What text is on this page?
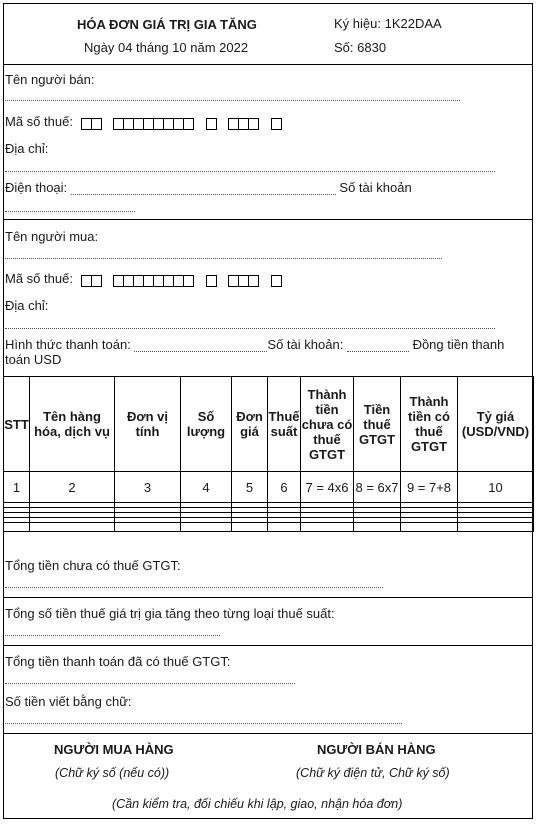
HÓA ĐƠN GIÁ TRỊ GIA TĂNG
Ngày 04 tháng 10 năm 2022
Ký hiệu: 1K22DAA
Số: 6830
Tên người bán:
Mã số thuế:

Địa chỉ:
Điện thoại:	Số tài khoản
Tên người mua:
Mã số thuế:

Địa chỉ:
Hình thức thanh toán:	Số tài khoản:	Đồng tiền thanh
toán USD
STT	Tên hàng hóa, dịch vụ	Đơn vị tính	Số lượng	Đơn giá	Thuế suất	Thành tiền chưa có thuế GTGT	Tiền thuế GTGT	Thành tiền có thuế GTGT	Tỷ giá (USD/VND)
1	2	3	4	5	6	7 = 4x6	8 = 6x7	9 = 7+8	10

Tổng tiền chưa có thuế GTGT:
Tổng số tiền thuế giá trị gia tăng theo từng loại thuế suất:
Tổng tiền thanh toán đã có thuế GTGT:
Số tiền viết bằng chữ:
NGƯỜI MUA HÀNG
(Chữ ký số (nếu có))
NGƯỜI BÁN HÀNG
(Chữ ký điện tử, Chữ ký số)
(Cần kiểm tra, đối chiếu khi lập, giao, nhận hóa đơn)
